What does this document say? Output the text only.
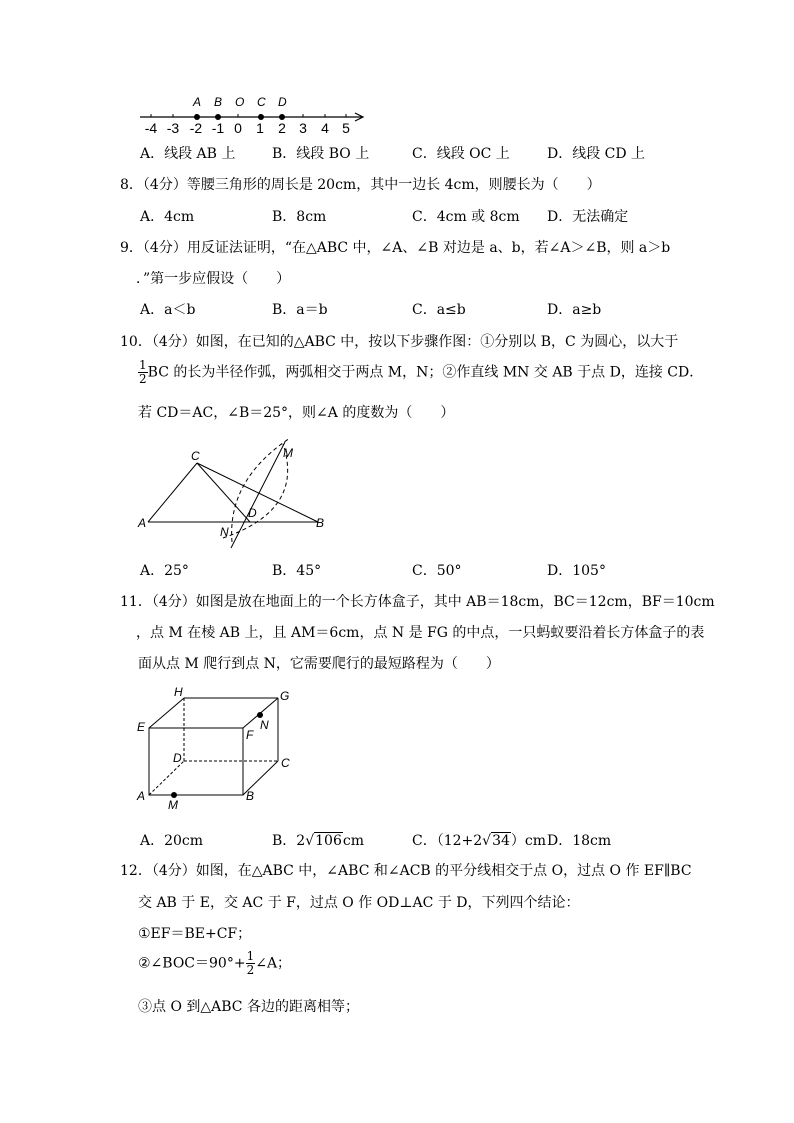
A B O C D
-4 -3 -2 -1 0 1 2 3 4 5
A．线段 AB 上	B．线段 BO 上	C．线段 OC 上	D．线段 CD 上
8．（4分）等腰三角形的周长是 20cm，其中一边长 4cm，则腰长为（　　）
A．4cm	B．8cm	C．4cm 或 8cm D．无法确定
9．（4分）用反证法证明，“在△ABC 中，∠A、∠B 对边是 a、b，若∠A＞∠B，则 a＞b
．”第一步应假设（　　）
A．a＜b	B．a＝b	C．a≤b	D．a≥b
10．（4分）如图，在已知的△ABC 中，按以下步骤作图：①分别以 B，C 为圆心，以大于
$\frac{1}{2}$ BC 的长为半径作弧，两弧相交于两点 M，N；②作直线 MN 交 AB 于点 D，连接 CD．
若 CD＝AC，∠B＝25°，则∠A 的度数为（　　）
C	M
A
D
B
N
A．25°	B．45°	C．50°	D．105°
11．（4分）如图是放在地面上的一个长方体盒子，其中 AB＝18cm，BC＝12cm，BF＝10cm
，点 M 在棱 AB 上，且 AM＝6cm，点 N 是 FG 的中点，一只蚂蚁要沿着长方体盒子的表
面从点 M 爬行到点 N，它需要爬行的最短路程为（　　）
H	G
E
F
N
D	C
A
M
B
A．20cm	B．2√106cm	C．（12+2√34）cm D．18cm
12．（4分）如图，在△ABC 中，∠ABC 和∠ACB 的平分线相交于点 O，过点 O 作 EF∥BC
交 AB 于 E，交 AC 于 F，过点 O 作 OD⊥AC 于 D，下列四个结论：
①EF＝BE+CF；
②∠BOC＝90°+ $\frac{1}{2}$ ∠A；
③点 O 到△ABC 各边的距离相等；
